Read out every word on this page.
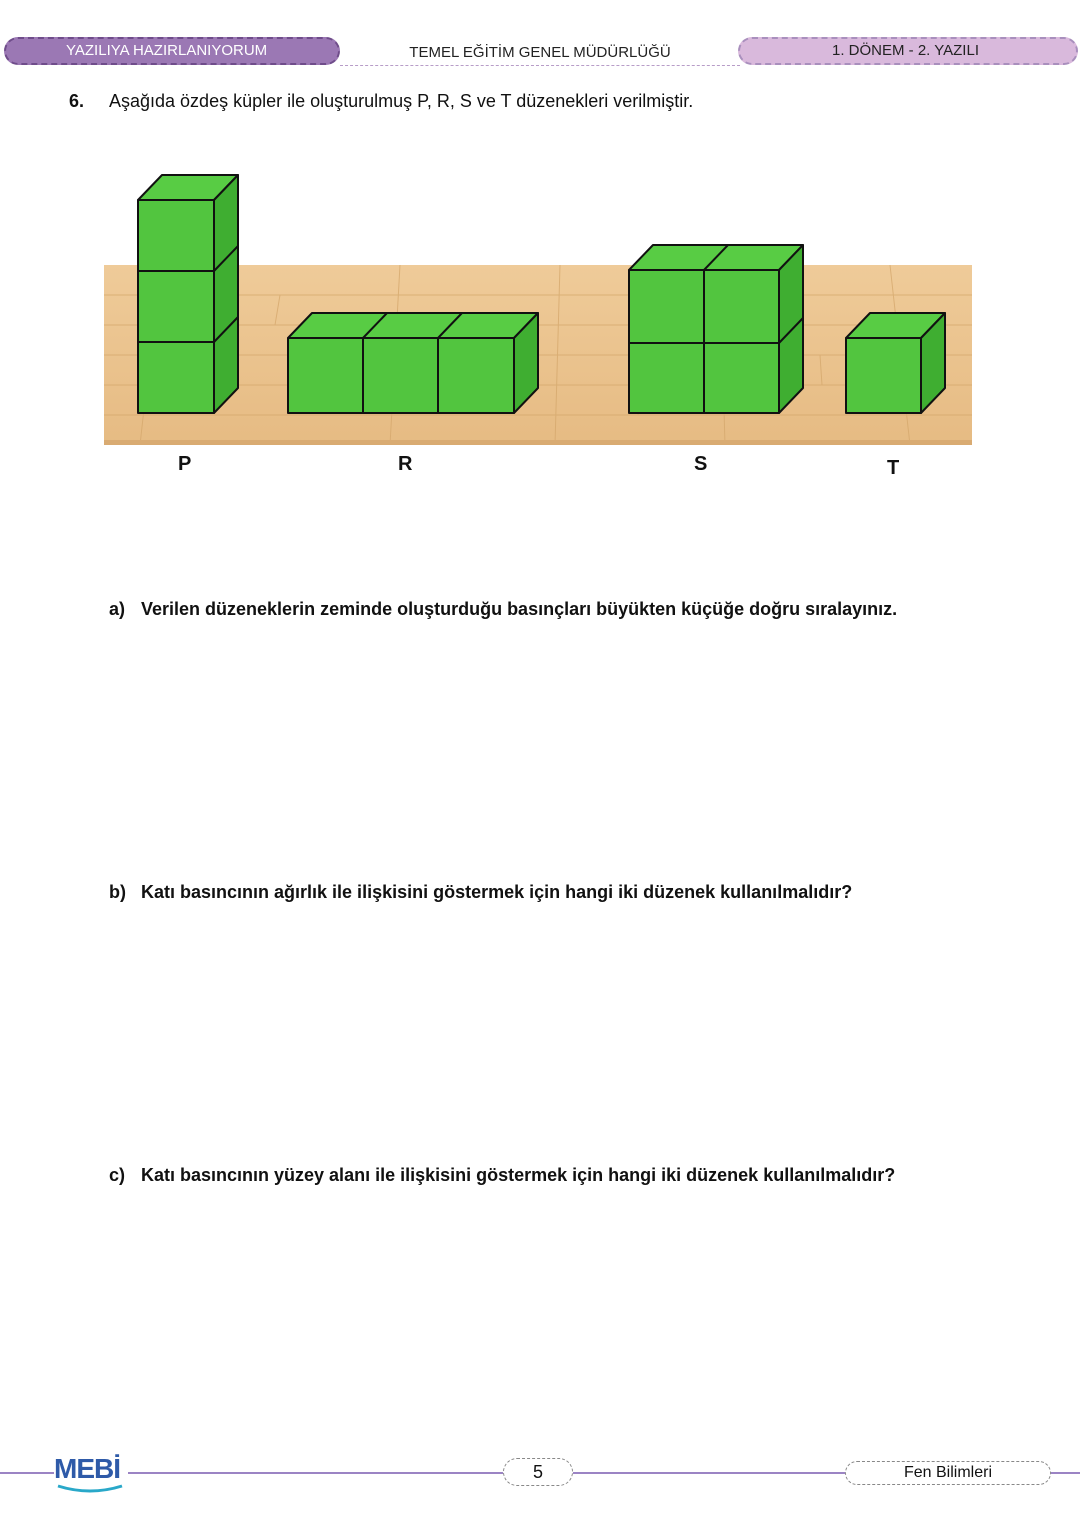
YAZILIYA HAZIRLANIYORUM	TEMEL EĞİTİM GENEL MÜDÜRLÜĞÜ	1. DÖNEM - 2. YAZILI
6. Aşağıda özdeş küpler ile oluşturulmuş P, R, S ve T düzenekleri verilmiştir.
P	R	S	T
a) Verilen düzeneklerin zeminde oluşturduğu basınçları büyükten küçüğe doğru sıralayınız.
b) Katı basıncının ağırlık ile ilişkisini göstermek için hangi iki düzenek kullanılmalıdır?
c) Katı basıncının yüzey alanı ile ilişkisini göstermek için hangi iki düzenek kullanılmalıdır?
MEBİ	5	Fen Bilimleri
